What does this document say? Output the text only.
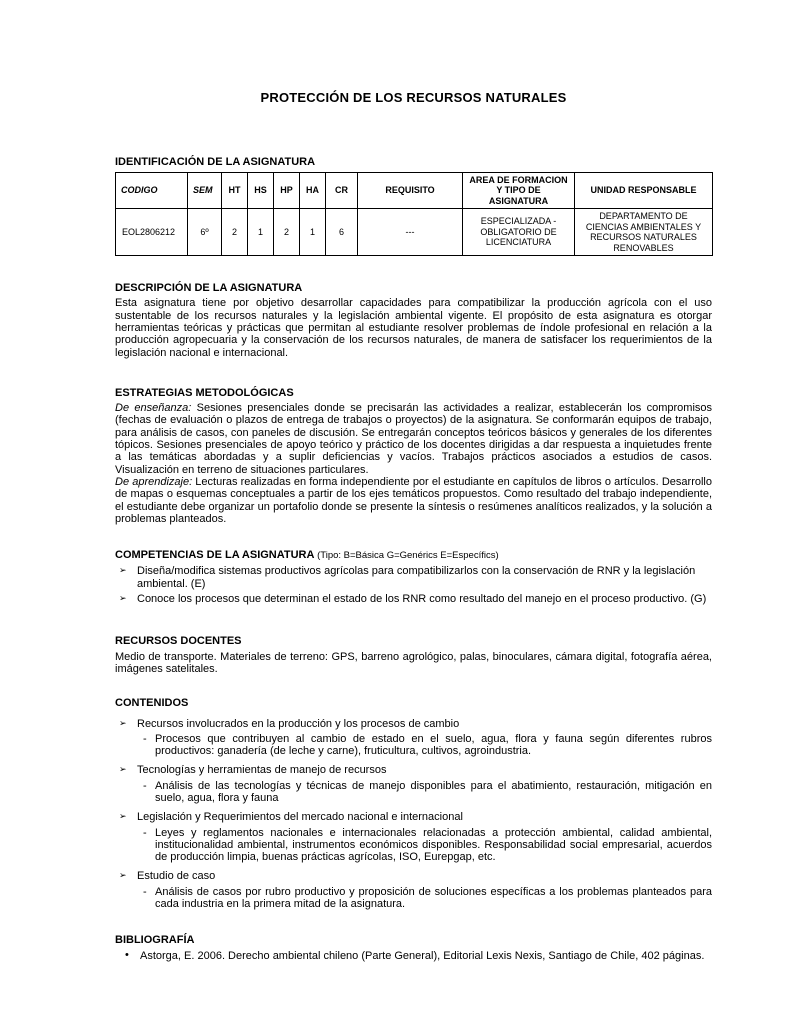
PROTECCIÓN DE LOS RECURSOS NATURALES
IDENTIFICACIÓN DE LA ASIGNATURA
CODIGO	SEM	HT	HS	HP	HA	CR	REQUISITO	AREA DE FORMACION Y TIPO DE ASIGNATURA	UNIDAD RESPONSABLE
EOL2806212	6º	2	1	2	1	6	---	ESPECIALIZADA - OBLIGATORIO DE LICENCIATURA	DEPARTAMENTO DE CIENCIAS AMBIENTALES Y RECURSOS NATURALES RENOVABLES
DESCRIPCIÓN DE LA ASIGNATURA
Esta asignatura tiene por objetivo desarrollar capacidades para compatibilizar la producción agrícola con el uso sustentable de los recursos naturales y la legislación ambiental vigente. El propósito de esta asignatura es otorgar herramientas teóricas y prácticas que permitan al estudiante resolver problemas de índole profesional en relación a la producción agropecuaria y la conservación de los recursos naturales, de manera de satisfacer los requerimientos de la legislación nacional e internacional.
ESTRATEGIAS METODOLÓGICAS
De enseñanza: Sesiones presenciales donde se precisarán las actividades a realizar, establecerán los compromisos (fechas de evaluación o plazos de entrega de trabajos o proyectos) de la asignatura. Se conformarán equipos de trabajo, para análisis de casos, con paneles de discusión. Se entregarán conceptos teóricos básicos y generales de los diferentes tópicos. Sesiones presenciales de apoyo teórico y práctico de los docentes dirigidas a dar respuesta a inquietudes frente a las temáticas abordadas y a suplir deficiencias y vacíos. Trabajos prácticos asociados a estudios de casos. Visualización en terreno de situaciones particulares.
De aprendizaje: Lecturas realizadas en forma independiente por el estudiante en capítulos de libros o artículos. Desarrollo de mapas o esquemas conceptuales a partir de los ejes temáticos propuestos. Como resultado del trabajo independiente, el estudiante debe organizar un portafolio donde se presente la síntesis o resúmenes analíticos realizados, y la solución a problemas planteados.
COMPETENCIAS DE LA ASIGNATURA (Tipo: B=Básica G=Genérics E=Específics)
➢ Diseña/modifica sistemas productivos agrícolas para compatibilizarlos con la conservación de RNR y la legislación ambiental. (E)
➢ Conoce los procesos que determinan el estado de los RNR como resultado del manejo en el proceso productivo. (G)
RECURSOS DOCENTES
Medio de transporte. Materiales de terreno: GPS, barreno agrológico, palas, binoculares, cámara digital, fotografía aérea, imágenes satelitales.
CONTENIDOS
➢ Recursos involucrados en la producción y los procesos de cambio
- Procesos que contribuyen al cambio de estado en el suelo, agua, flora y fauna según diferentes rubros productivos: ganadería (de leche y carne), fruticultura, cultivos, agroindustria.
➢ Tecnologías y herramientas de manejo de recursos
- Análisis de las tecnologías y técnicas de manejo disponibles para el abatimiento, restauración, mitigación en suelo, agua, flora y fauna
➢ Legislación y Requerimientos del mercado nacional e internacional
- Leyes y reglamentos nacionales e internacionales relacionadas a protección ambiental, calidad ambiental, institucionalidad ambiental, instrumentos económicos disponibles. Responsabilidad social empresarial, acuerdos de producción limpia, buenas prácticas agrícolas, ISO, Eurepgap, etc.
➢ Estudio de caso
- Análisis de casos por rubro productivo y proposición de soluciones específicas a los problemas planteados para cada industria en la primera mitad de la asignatura.
BIBLIOGRAFÍA
• Astorga, E. 2006. Derecho ambiental chileno (Parte General), Editorial Lexis Nexis, Santiago de Chile, 402 páginas.
